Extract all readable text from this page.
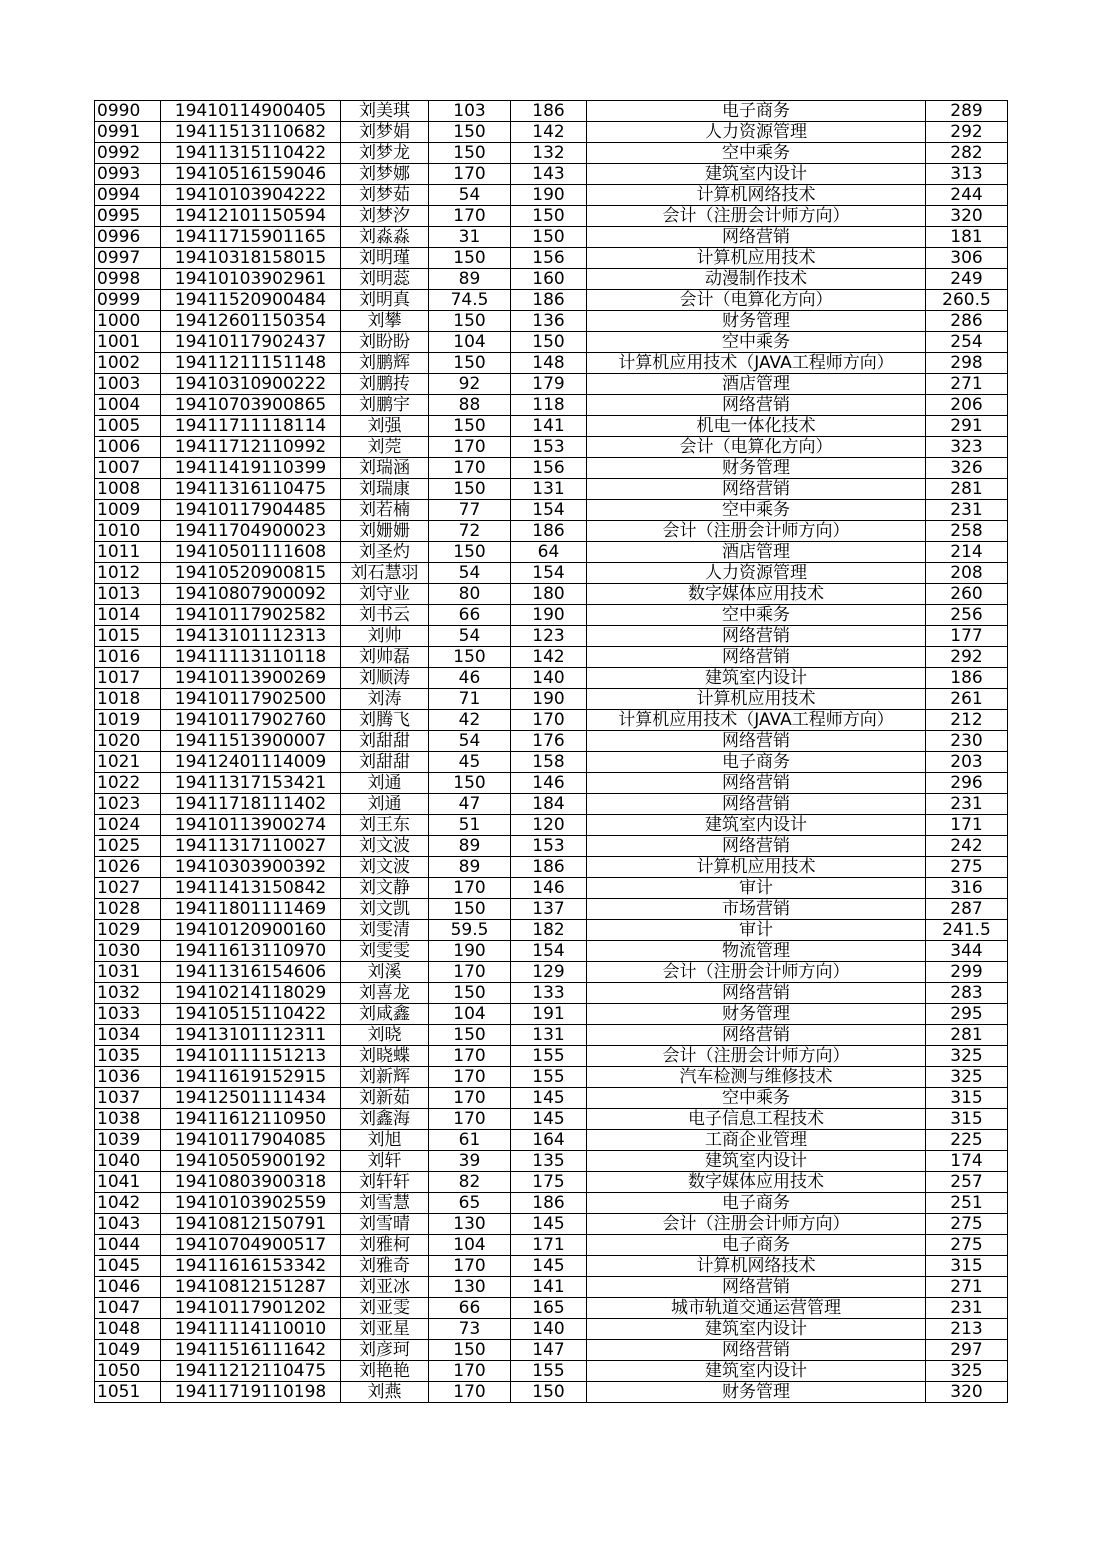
0990	19410114900405	刘美琪	103	186	电子商务	289
0991	19411513110682	刘梦娟	150	142	人力资源管理	292
0992	19411315110422	刘梦龙	150	132	空中乘务	282
0993	19410516159046	刘梦娜	170	143	建筑室内设计	313
0994	19410103904222	刘梦茹	54	190	计算机网络技术	244
0995	19412101150594	刘梦汐	170	150	会计（注册会计师方向）	320
0996	19411715901165	刘淼淼	31	150	网络营销	181
0997	19410318158015	刘明瑾	150	156	计算机应用技术	306
0998	19410103902961	刘明蕊	89	160	动漫制作技术	249
0999	19411520900484	刘明真	74.5	186	会计（电算化方向）	260.5
1000	19412601150354	刘攀	150	136	财务管理	286
1001	19410117902437	刘盼盼	104	150	空中乘务	254
1002	19411211151148	刘鹏辉	150	148	计算机应用技术（JAVA工程师方向）	298
1003	19410310900222	刘鹏抟	92	179	酒店管理	271
1004	19410703900865	刘鹏宇	88	118	网络营销	206
1005	19411711118114	刘强	150	141	机电一体化技术	291
1006	19411712110992	刘莞	170	153	会计（电算化方向）	323
1007	19411419110399	刘瑞涵	170	156	财务管理	326
1008	19411316110475	刘瑞康	150	131	网络营销	281
1009	19410117904485	刘若楠	77	154	空中乘务	231
1010	19411704900023	刘姗姗	72	186	会计（注册会计师方向）	258
1011	19410501111608	刘圣灼	150	64	酒店管理	214
1012	19410520900815	刘石慧羽	54	154	人力资源管理	208
1013	19410807900092	刘守业	80	180	数字媒体应用技术	260
1014	19410117902582	刘书云	66	190	空中乘务	256
1015	19413101112313	刘帅	54	123	网络营销	177
1016	19411113110118	刘帅磊	150	142	网络营销	292
1017	19410113900269	刘顺涛	46	140	建筑室内设计	186
1018	19410117902500	刘涛	71	190	计算机应用技术	261
1019	19410117902760	刘腾飞	42	170	计算机应用技术（JAVA工程师方向）	212
1020	19411513900007	刘甜甜	54	176	网络营销	230
1021	19412401114009	刘甜甜	45	158	电子商务	203
1022	19411317153421	刘通	150	146	网络营销	296
1023	19411718111402	刘通	47	184	网络营销	231
1024	19410113900274	刘王东	51	120	建筑室内设计	171
1025	19411317110027	刘文波	89	153	网络营销	242
1026	19410303900392	刘文波	89	186	计算机应用技术	275
1027	19411413150842	刘文静	170	146	审计	316
1028	19411801111469	刘文凯	150	137	市场营销	287
1029	19410120900160	刘雯清	59.5	182	审计	241.5
1030	19411613110970	刘雯雯	190	154	物流管理	344
1031	19411316154606	刘溪	170	129	会计（注册会计师方向）	299
1032	19410214118029	刘喜龙	150	133	网络营销	283
1033	19410515110422	刘咸鑫	104	191	财务管理	295
1034	19413101112311	刘晓	150	131	网络营销	281
1035	19410111151213	刘晓蝶	170	155	会计（注册会计师方向）	325
1036	19411619152915	刘新辉	170	155	汽车检测与维修技术	325
1037	19412501111434	刘新茹	170	145	空中乘务	315
1038	19411612110950	刘鑫海	170	145	电子信息工程技术	315
1039	19410117904085	刘旭	61	164	工商企业管理	225
1040	19410505900192	刘轩	39	135	建筑室内设计	174
1041	19410803900318	刘轩轩	82	175	数字媒体应用技术	257
1042	19410103902559	刘雪慧	65	186	电子商务	251
1043	19410812150791	刘雪晴	130	145	会计（注册会计师方向）	275
1044	19410704900517	刘雅柯	104	171	电子商务	275
1045	19411616153342	刘雅奇	170	145	计算机网络技术	315
1046	19410812151287	刘亚冰	130	141	网络营销	271
1047	19410117901202	刘亚雯	66	165	城市轨道交通运营管理	231
1048	19411114110010	刘亚星	73	140	建筑室内设计	213
1049	19411516111642	刘彦珂	150	147	网络营销	297
1050	19411212110475	刘艳艳	170	155	建筑室内设计	325
1051	19411719110198	刘燕	170	150	财务管理	320
